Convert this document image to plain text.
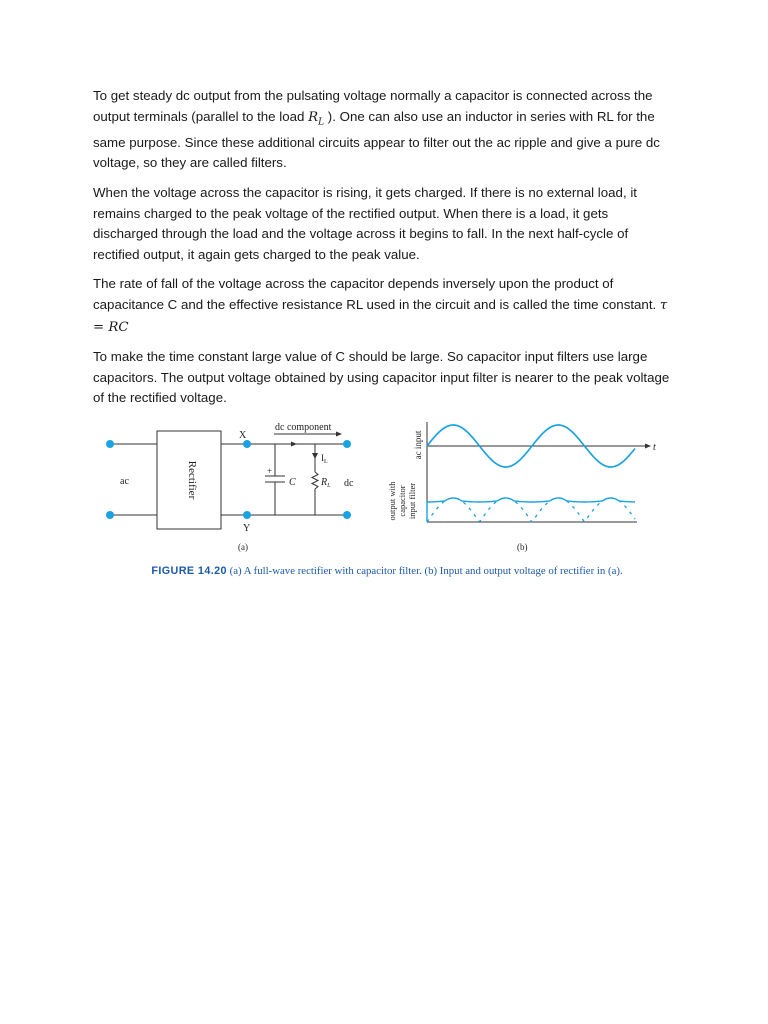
To get steady dc output from the pulsating voltage normally a capacitor is connected across the output terminals (parallel to the load $R_L$ ). One can also use an inductor in series with RL for the same purpose. Since these additional circuits appear to filter out the ac ripple and give a pure dc voltage, so they are called filters.

When the voltage across the capacitor is rising, it gets charged. If there is no external load, it remains charged to the peak voltage of the rectified output. When there is a load, it gets discharged through the load and the voltage across it begins to fall. In the next half-cycle of rectified output, it again gets charged to the peak value.

The rate of fall of the voltage across the capacitor depends inversely upon the product of capacitance C and the effective resistance RL used in the circuit and is called the time constant. τ = RC

To make the time constant large value of C should be large. So capacitor input filters use large capacitors. The output voltage obtained by using capacitor input filter is nearer to the peak voltage of the rectified voltage.

ac	Rectifier
X
Y
dc component
$I_L$
+
C	$R_L$ dc
(a)
ac input
output with capacitor input filter
t
(b)
FIGURE 14.20 (a) A full-wave rectifier with capacitor filter. (b) Input and output voltage of rectifier in (a).
